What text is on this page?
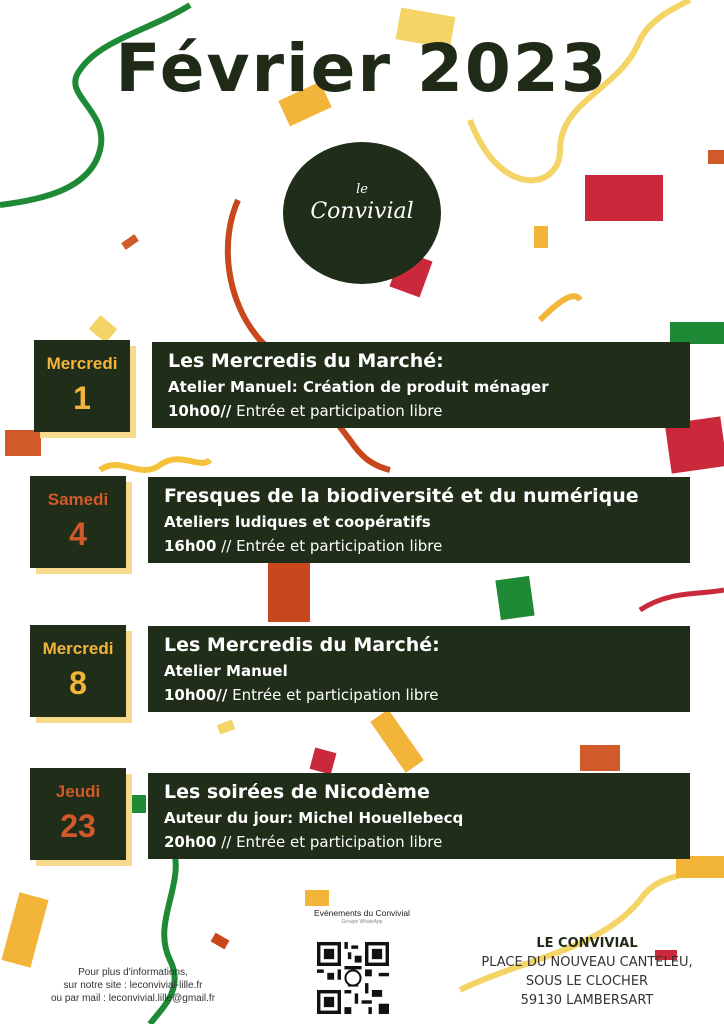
Février 2023
le
Convivial
Mercredi
1
Les Mercredis du Marché:
Atelier Manuel: Création de produit ménager
10h00// Entrée et participation libre
Samedi
4
Fresques de la biodiversité et du numérique
Ateliers ludiques et coopératifs
16h00 // Entrée et participation libre
Mercredi
8
Les Mercredis du Marché:
Atelier Manuel
10h00// Entrée et participation libre
Jeudi
23
Les soirées de Nicodème
Auteur du jour: Michel Houellebecq
20h00 // Entrée et participation libre
Pour plus d'informations,
sur notre site : leconvivial-lille.fr
ou par mail : leconvivial.lille@gmail.fr
Evénements du Convivial
Groupe WhatsApp
LE CONVIVIAL
PLACE DU NOUVEAU CANTELEU,
SOUS LE CLOCHER
59130 LAMBERSART
